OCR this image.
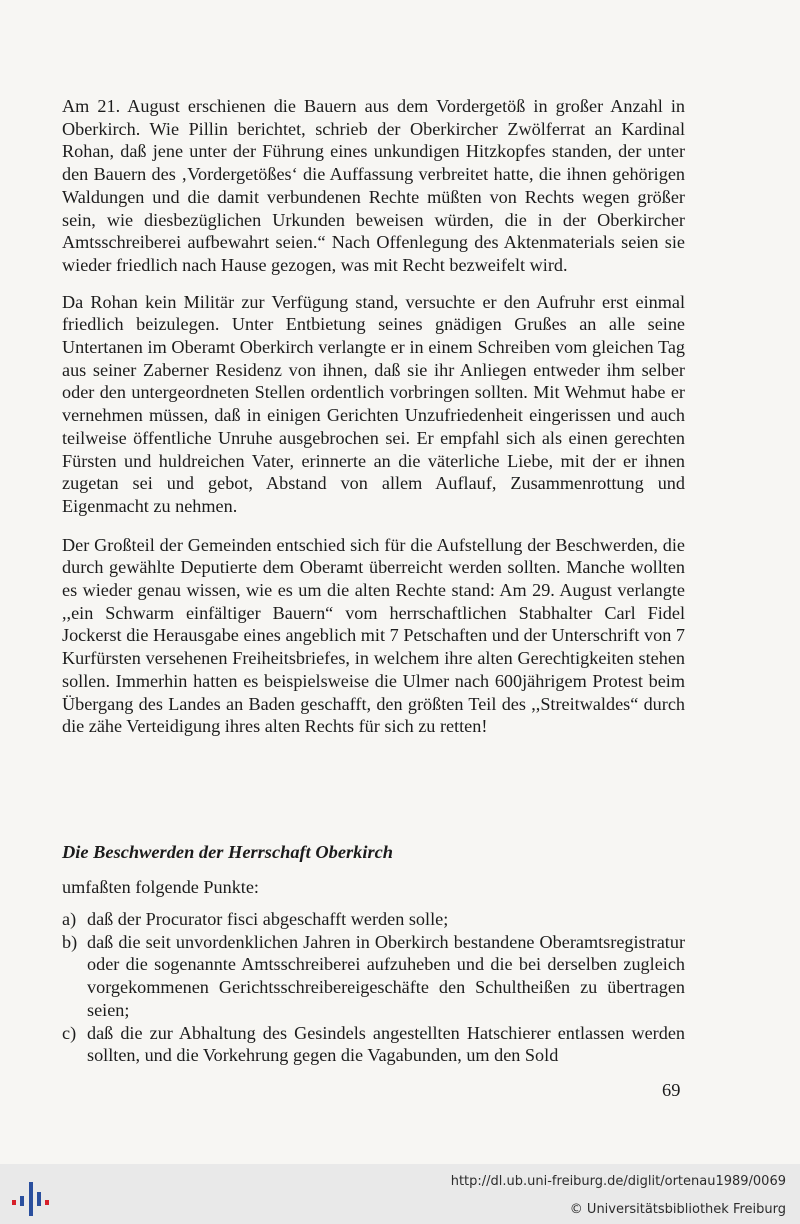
Am 21. August erschienen die Bauern aus dem Vordergetöß in großer Anzahl in Oberkirch. Wie Pillin berichtet, schrieb der Oberkircher Zwölferrat an Kardinal Rohan, daß jene unter der Führung eines unkundigen Hitzkopfes standen, der unter den Bauern des ‚Vordergetößes‘ die Auffassung verbreitet hatte, die ihnen gehörigen Waldungen und die damit verbundenen Rechte müßten von Rechts wegen größer sein, wie diesbezüglichen Urkunden beweisen würden, die in der Oberkircher Amtsschreiberei aufbewahrt seien.“ Nach Offenlegung des Aktenmaterials seien sie wieder friedlich nach Hause gezogen, was mit Recht bezweifelt wird.

Da Rohan kein Militär zur Verfügung stand, versuchte er den Aufruhr erst einmal friedlich beizulegen. Unter Entbietung seines gnädigen Grußes an alle seine Untertanen im Oberamt Oberkirch verlangte er in einem Schreiben vom gleichen Tag aus seiner Zaberner Residenz von ihnen, daß sie ihr Anliegen entweder ihm selber oder den untergeordneten Stellen ordentlich vorbringen sollten. Mit Wehmut habe er vernehmen müssen, daß in einigen Gerichten Unzufriedenheit eingerissen und auch teilweise öffentliche Unruhe ausgebrochen sei. Er empfahl sich als einen gerechten Fürsten und huldreichen Vater, erinnerte an die väterliche Liebe, mit der er ihnen zugetan sei und gebot, Abstand von allem Auflauf, Zusammenrottung und Eigenmacht zu nehmen.

Der Großteil der Gemeinden entschied sich für die Aufstellung der Beschwerden, die durch gewählte Deputierte dem Oberamt überreicht werden sollten. Manche wollten es wieder genau wissen, wie es um die alten Rechte stand: Am 29. August verlangte ,,ein Schwarm einfältiger Bauern“ vom herrschaftlichen Stabhalter Carl Fidel Jockerst die Herausgabe eines angeblich mit 7 Petschaften und der Unterschrift von 7 Kurfürsten versehenen Freiheitsbriefes, in welchem ihre alten Gerechtigkeiten stehen sollen. Immerhin hatten es beispielsweise die Ulmer nach 600jährigem Protest beim Übergang des Landes an Baden geschafft, den größten Teil des ,,Streitwaldes“ durch die zähe Verteidigung ihres alten Rechts für sich zu retten!

Die Beschwerden der Herrschaft Oberkirch

umfaßten folgende Punkte:

a) daß der Procurator fisci abgeschafft werden solle;
b) daß die seit unvordenklichen Jahren in Oberkirch bestandene Oberamtsregistratur oder die sogenannte Amtsschreiberei aufzuheben und die bei derselben zugleich vorgekommenen Gerichtsschreibereigeschäfte den Schultheißen zu übertragen seien;
c) daß die zur Abhaltung des Gesindels angestellten Hatschierer entlassen werden sollten, und die Vorkehrung gegen die Vagabunden, um den Sold

69

http://dl.ub.uni-freiburg.de/diglit/ortenau1989/0069
© Universitätsbibliothek Freiburg
